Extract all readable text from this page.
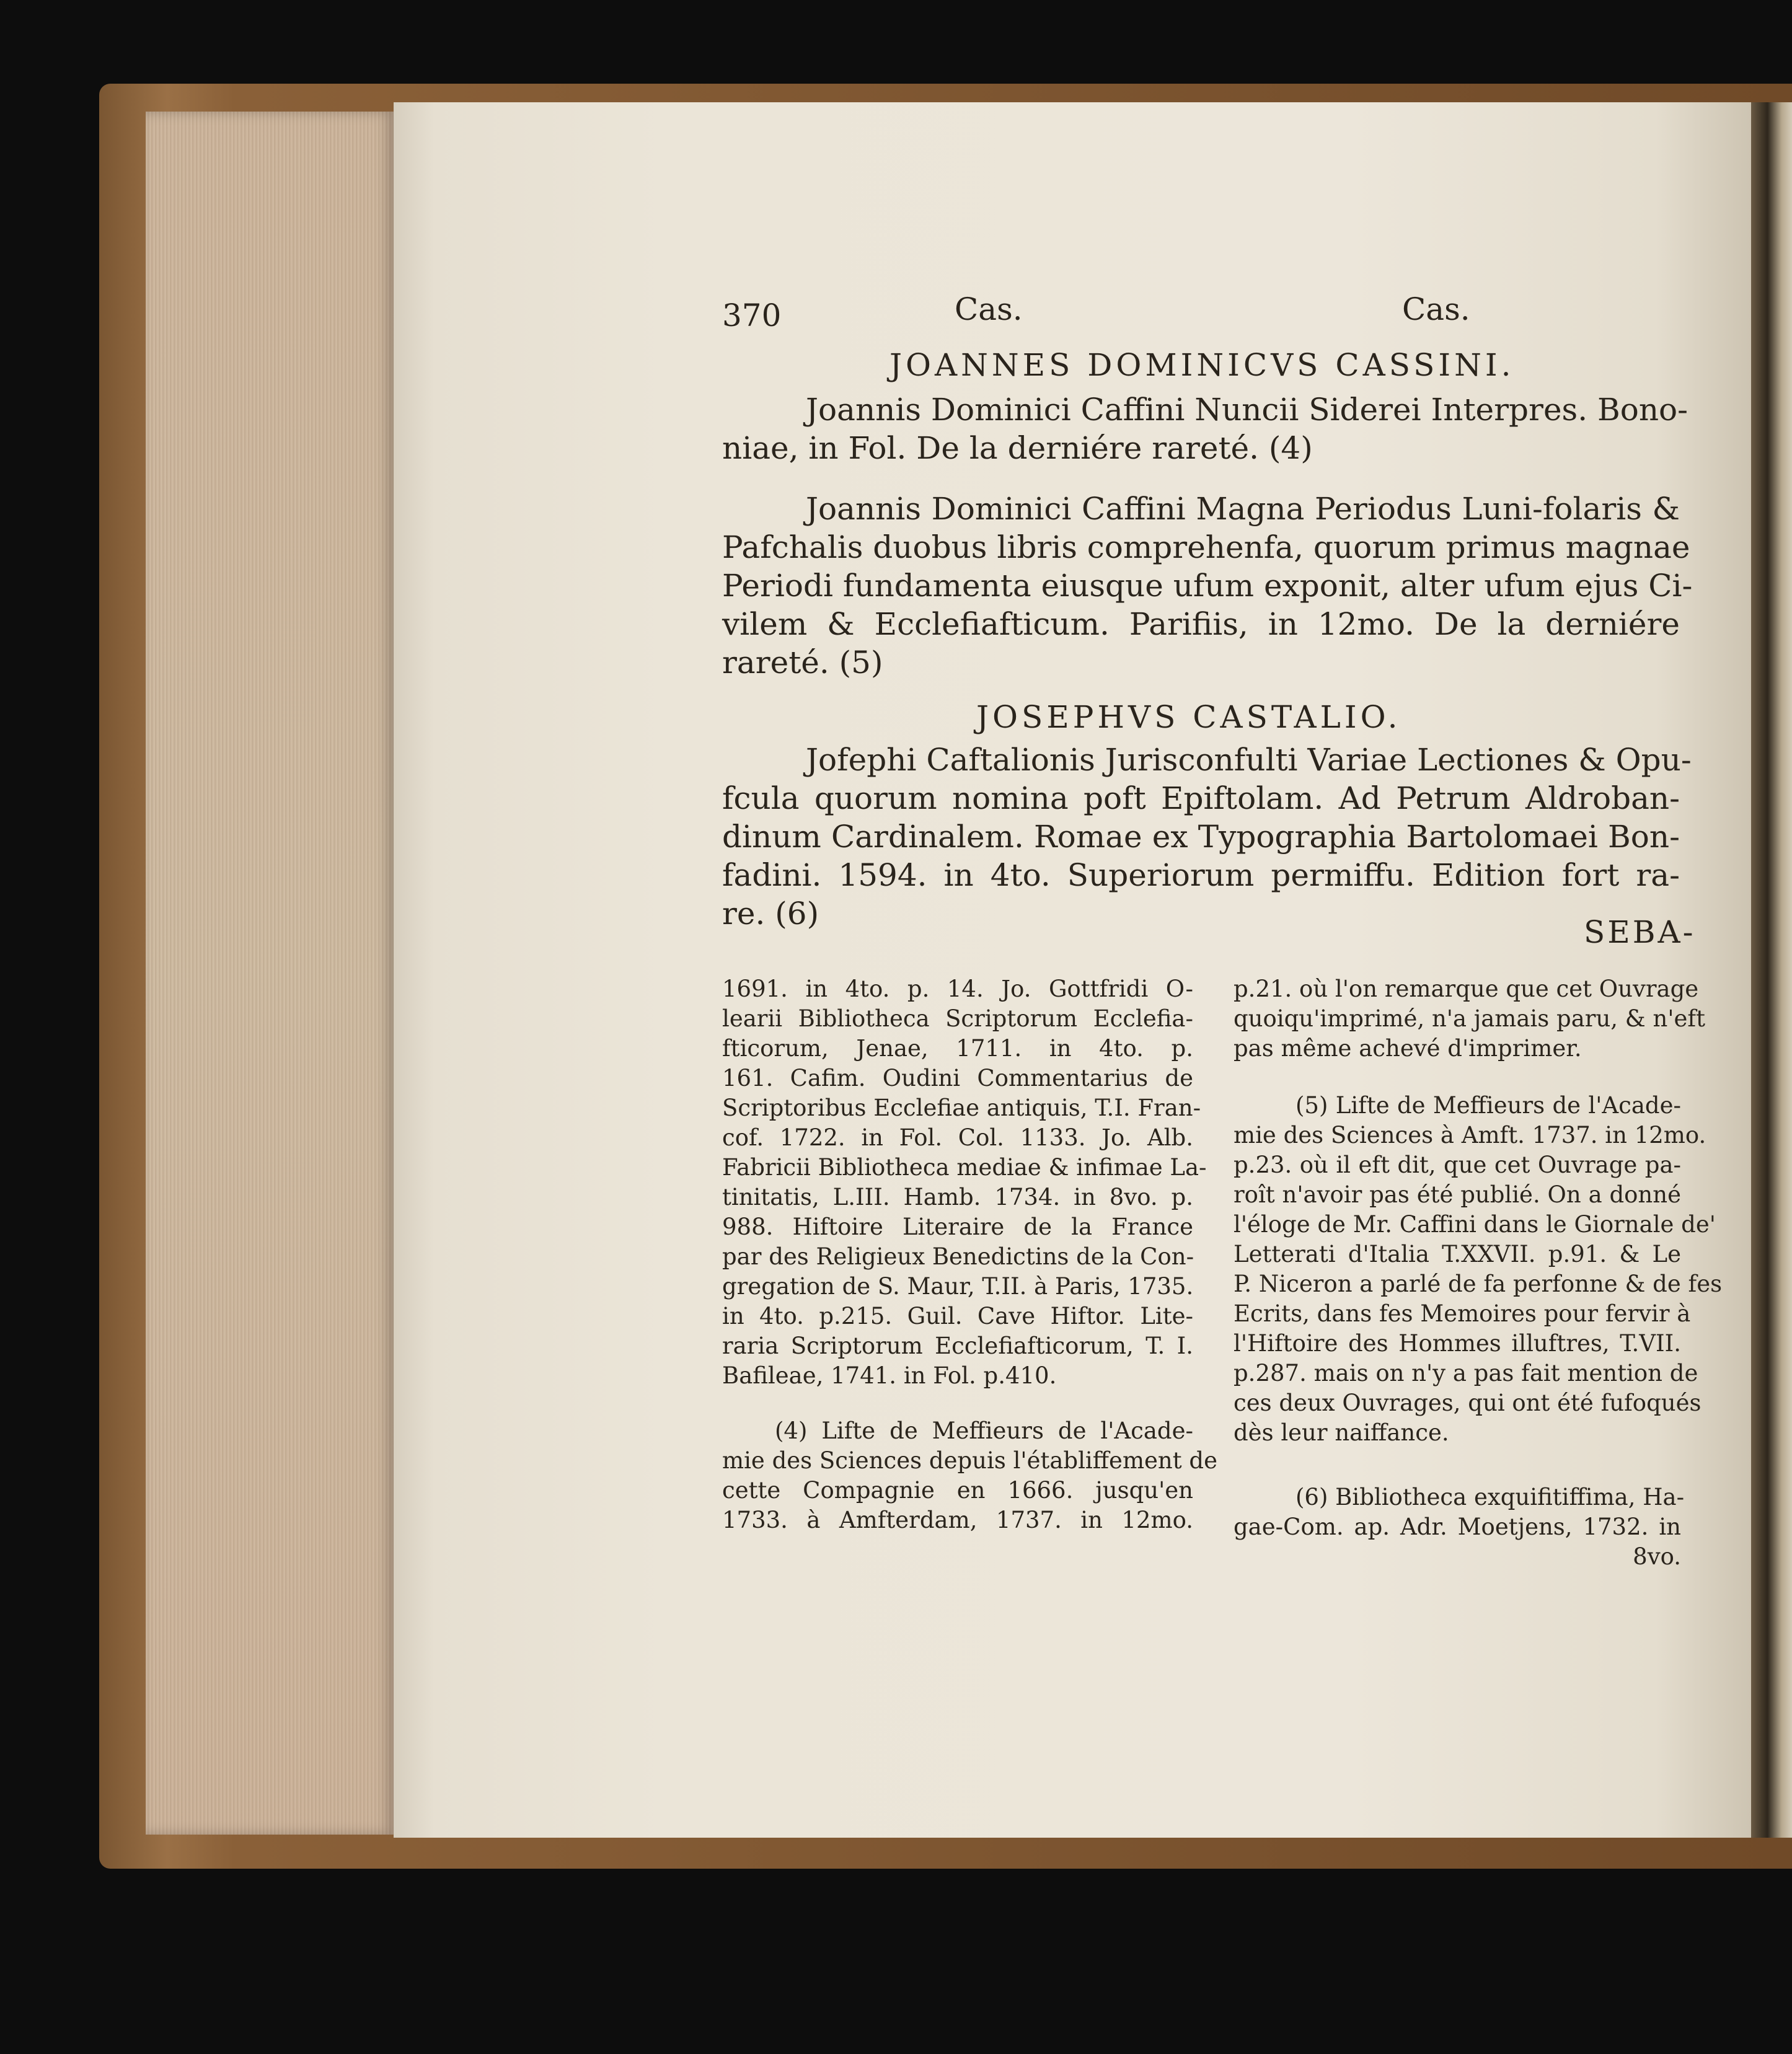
370	Cas.	Cas.
JOANNES DOMINICVS CASSINI.
Joannis Dominici Caffini Nuncii Siderei Interpres. Bono-
niae, in Fol. De la derniére rareté. (4)
Joannis Dominici Caffini Magna Periodus Luni-folaris &
Pafchalis duobus libris comprehenfa, quorum primus magnae
Periodi fundamenta eiusque ufum exponit, alter ufum ejus Ci-
vilem & Ecclefiafticum. Parifiis, in 12mo. De la derniére
rareté. (5)
JOSEPHVS CASTALIO.
Jofephi Caftalionis Jurisconfulti Variae Lectiones & Opu-
fcula quorum nomina poft Epiftolam. Ad Petrum Aldroban-
dinum Cardinalem. Romae ex Typographia Bartolomaei Bon-
fadini. 1594. in 4to. Superiorum permiffu. Edition fort ra-
re. (6)
SEBA-
1691. in 4to. p. 14. Jo. Gottfridi O-
learii Bibliotheca Scriptorum Ecclefia-
fticorum, Jenae, 1711. in 4to. p.
161. Cafim. Oudini Commentarius de
Scriptoribus Ecclefiae antiquis, T.I. Fran-
cof. 1722. in Fol. Col. 1133. Jo. Alb.
Fabricii Bibliotheca mediae & infimae La-
tinitatis, L.III. Hamb. 1734. in 8vo. p.
988. Hiftoire Literaire de la France
par des Religieux Benedictins de la Con-
gregation de S. Maur, T.II. à Paris, 1735.
in 4to. p.215. Guil. Cave Hiftor. Lite-
raria Scriptorum Ecclefiafticorum, T. I.
Bafileae, 1741. in Fol. p.410.
(4) Lifte de Meffieurs de l'Acade-
mie des Sciences depuis l'établiffement de
cette Compagnie en 1666. jusqu'en
1733. à Amfterdam, 1737. in 12mo.
p.21. où l'on remarque que cet Ouvrage
quoiqu'imprimé, n'a jamais paru, & n'eft
pas même achevé d'imprimer.
(5) Lifte de Meffieurs de l'Acade-
mie des Sciences à Amft. 1737. in 12mo.
p.23. où il eft dit, que cet Ouvrage pa-
roît n'avoir pas été publié. On a donné
l'éloge de Mr. Caffini dans le Giornale de'
Letterati d'Italia T.XXVII. p.91. & Le
P. Niceron a parlé de fa perfonne & de fes
Ecrits, dans fes Memoires pour fervir à
l'Hiftoire des Hommes illuftres, T.VII.
p.287. mais on n'y a pas fait mention de
ces deux Ouvrages, qui ont été fufoqués
dès leur naiffance.
(6) Bibliotheca exquifitiffima, Ha-
gae-Com. ap. Adr. Moetjens, 1732. in
8vo.
